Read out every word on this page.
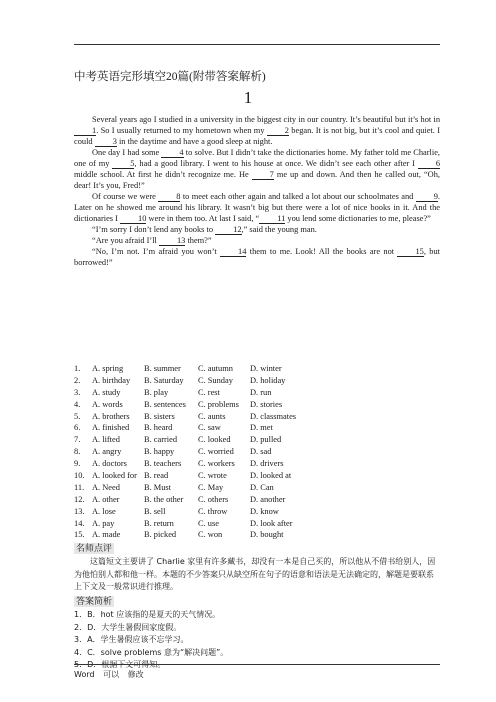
中考英语完形填空20篇(附带答案解析)
1

Several years ago I studied in a university in the biggest city in our country. It’s beautiful but it’s hot in 1. So I usually returned to my hometown when my 2 began. It is not big, but it’s cool and quiet. I could 3 in the daytime and have a good sleep at night.

One day I had some 4 to solve. But I didn’t take the dictionaries home. My father told me Charlie, one of my 5, had a good library. I went to his house at once. We didn’t see each other after I 6 middle school. At first he didn’t recognize me. He 7 me up and down. And then he called out, “Oh, dear! It’s you, Fred!”

Of course we were 8 to meet each other again and talked a lot about our schoolmates and 9. Later on he showed me around his library. It wasn’t big but there were a lot of nice books in it. And the dictionaries I 10 were in them too. At last I said, “ 11 you lend some dictionaries to me, please?”

“I’m sorry I don’t lend any books to 12,” said the young man.

“Are you afraid I’ll 13 them?”

“No, I’m not. I’m afraid you won’t 14 them to me. Look! All the books are not 15, but borrowed!”

1.	A. spring	B. summer	C. autumn	D. winter
2.	A. birthday	B. Saturday	C. Sunday	D. holiday
3.	A. study	B. play	C. rest	D. run
4.	A. words	B. sentences	C. problems	D. stories
5.	A. brothers	B. sisters	C. aunts	D. classmates
6.	A. finished	B. heard	C. saw	D. met
7.	A. lifted	B. carried	C. looked	D. pulled
8.	A. angry	B. happy	C. worried	D. sad
9.	A. doctors	B. teachers	C. workers	D. drivers
10. A. looked for B. read	C. wrote	D. looked at
11. A. Need	B. Must	C. May	D. Can
12. A. other	B. the other	C. others	D. another
13. A. lose	B. sell	C. throw	D. know
14. A. pay	B. return	C. use	D. look after
15. A. made	B. picked	C. won	D. bought
名师点评

这篇短文主要讲了 Charlie 家里有许多藏书，却没有一本是自己买的，所以他从不借书给别人，因为他怕别人都和他一样。本题的不少答案只从缺空所在句子的语意和语法是无法确定的，解题是要联系上下文及一般常识进行推理。

答案简析

1．B．hot 应该指的是夏天的天气情况。

2．D．大学生暑假回家度假。

3．A．学生暑假应该不忘学习。

4．C．solve problems 意为“解决问题”。

Word 可以 修改
